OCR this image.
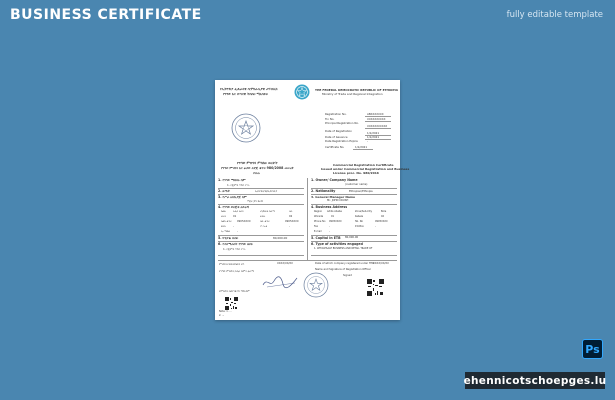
BUSINESS CERTIFICATE	fully editable template
የኢትዮጵያ ፌዴራላዊ ዲሞክራሲያዊ ሪፐብሊክ
የንግድ እና ቀጣናዊ ትስስር ሚኒስቴር
THE FEDERAL DEMOCRATIC REPUBLIC OF ETHIOPIA
Ministry of Trade and Regional Integration
Registration No.	ABXXXXXXX
Tin No.	XXXXXXXXXX
Principal Registration No.
XXXXXXXXXXX
Date of Registration	1/1/2021
Date of Issuance	1/1/2021
Date Registration Expire	-
Certificate No.	1/1/2021
የንግድ ምዝገባ ምስክር ወረቀት
የንግድ ምዝገባ እና ፈቃድ አዋጅ ቁጥር 980/2008 መሠረት
ተሰጠ
Commercial Registration Certificate
Issued under Commercial Registration and Business
License proc. No. 980/2016
1. የንግድ ማህበሩ ስም
1. የጅምላ ንግድ ሥራ
2. ዜግነት	ኢትዮጵያዊ/ኢትዮጵያ
3. የሥራ አስኪያጅ ስም
ሚ/ር ጆን ክሩሽ
4. የንግድ ድርጅቱ አድራሻ
ክልል	አዲስ አበባ	ዞን/ክፍለ ከተማ	ቦሌ
ወረዳ	01	ቀበሌ	02
ስልክ ቁጥር 0905XXXX	ቤት ቁጥር	0905XXXX
ፋክስ	-	ፖ.ሳ.ቁ	-
ኢ-ሜይል	-
5. ካፒታል በብር	80,000.00
6. የተሰማራበት የንግድ ዘርፍ
1. የጅምላ ንግድ ሥራ
1. Owner/ Company Name
(customer name)
2. Nationality	Ethiopian/Ethiopia
3. General Manager Name
Mr. JOHN CRUSH
4. Business Address
Region Addis Ababa	Zone/Sub-City	Bole
Woreda	01	Kebele	02
Phone No 0905XXXX	Tel. No	0905XXXX
Fax	-	P.O.Box	-
E-mail	-
5. Capital in ETB 80,000.00
6. Type of activities engaged
1. WHOLESALE BUSINESS AND RETAIL TRADE OF
ምዝገባ የተከናወነበት ቀን	XXXX/XX/XX
የንግድ ምዝገባ ኃላፊ ስምና ፊርማ
የምዝገባ ባለሥልጣን ማህተም
Date of which company registered under TPR XXXX/XX/XX
Name and Signature of Registration Officer
Signed
Note: 1. ...
2. ...
Ps
ehennicotschoepges.lu
